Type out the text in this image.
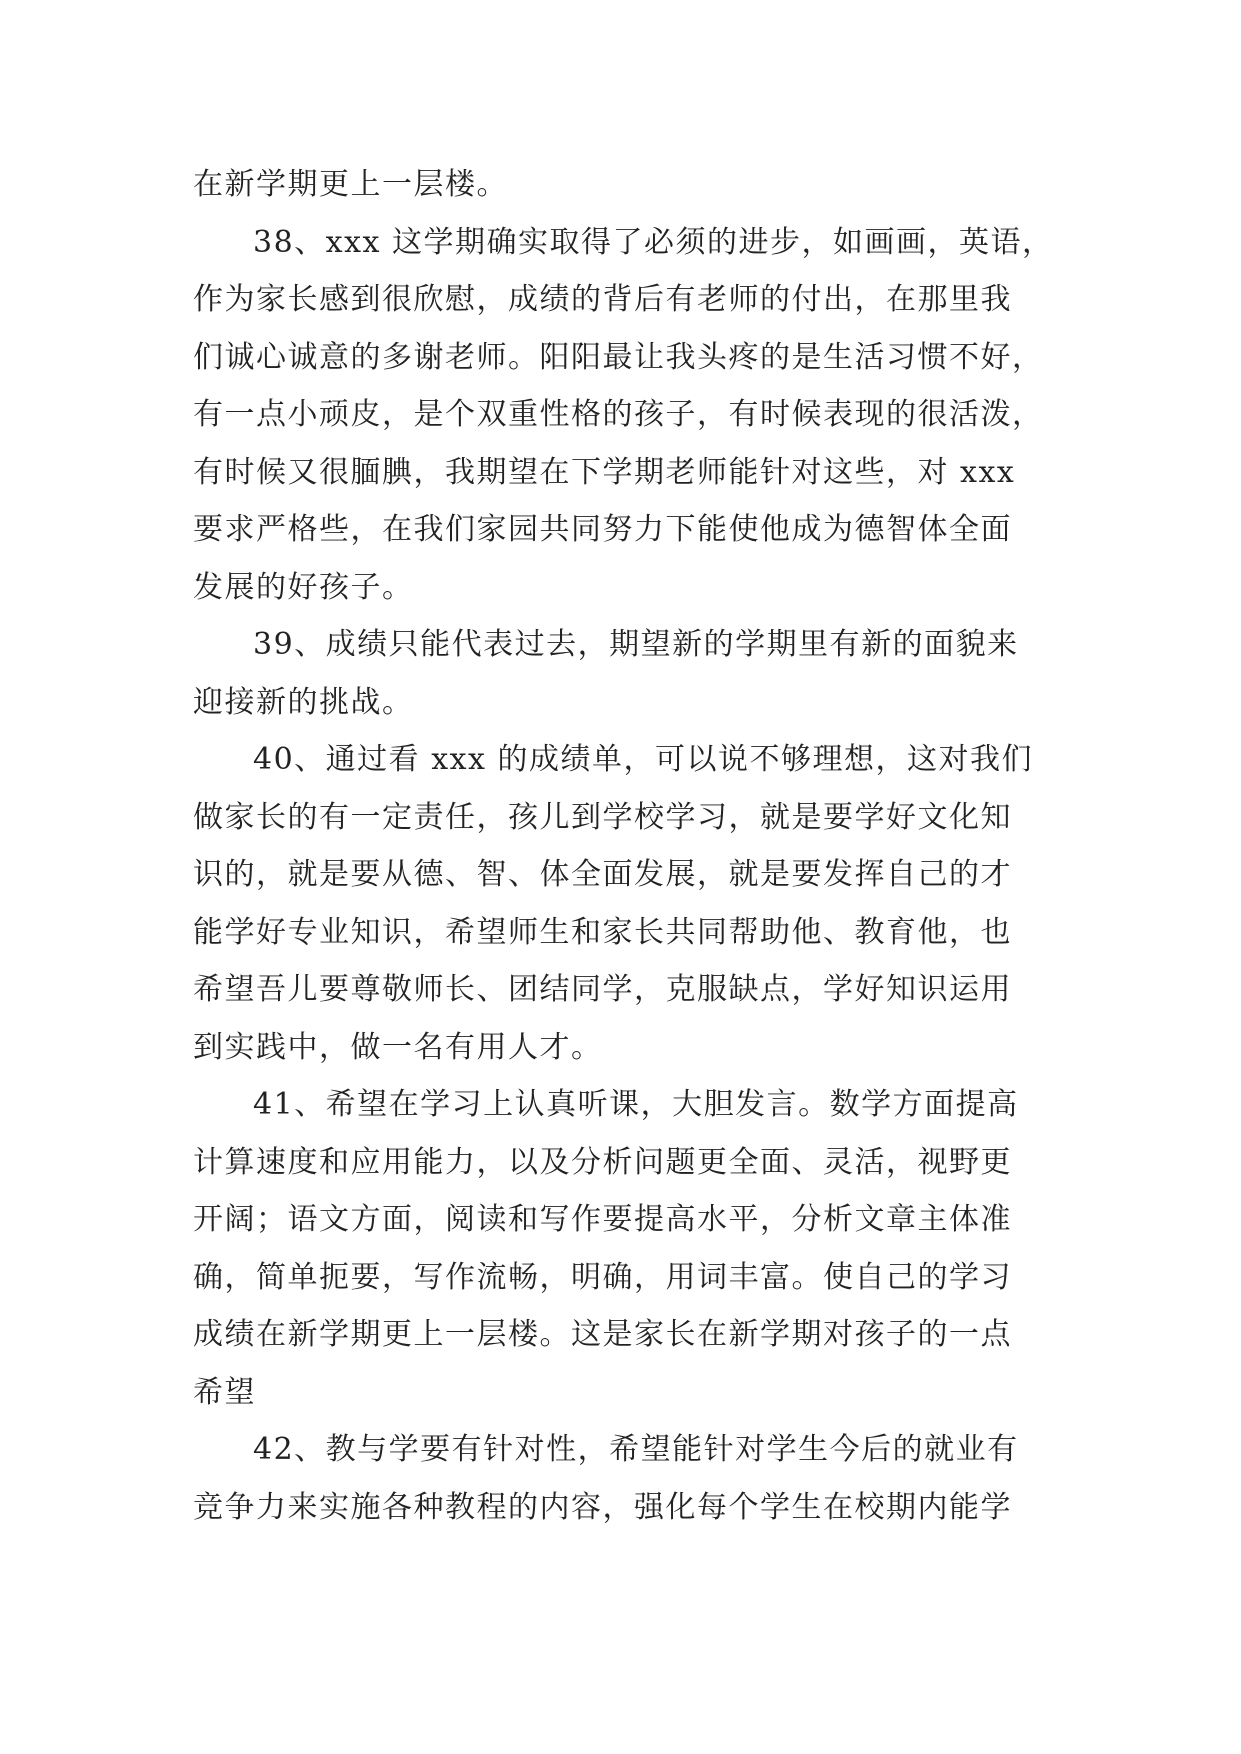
在新学期更上一层楼。
38、xxx 这学期确实取得了必须的进步，如画画，英语，
作为家长感到很欣慰，成绩的背后有老师的付出，在那里我
们诚心诚意的多谢老师。阳阳最让我头疼的是生活习惯不好，
有一点小顽皮，是个双重性格的孩子，有时候表现的很活泼，
有时候又很腼腆，我期望在下学期老师能针对这些，对 xxx
要求严格些，在我们家园共同努力下能使他成为德智体全面
发展的好孩子。
39、成绩只能代表过去，期望新的学期里有新的面貌来
迎接新的挑战。
40、通过看 xxx 的成绩单，可以说不够理想，这对我们
做家长的有一定责任，孩儿到学校学习，就是要学好文化知
识的，就是要从德、智、体全面发展，就是要发挥自己的才
能学好专业知识，希望师生和家长共同帮助他、教育他，也
希望吾儿要尊敬师长、团结同学，克服缺点，学好知识运用
到实践中，做一名有用人才。
41、希望在学习上认真听课，大胆发言。数学方面提高
计算速度和应用能力，以及分析问题更全面、灵活，视野更
开阔；语文方面，阅读和写作要提高水平，分析文章主体准
确，简单扼要，写作流畅，明确，用词丰富。使自己的学习
成绩在新学期更上一层楼。这是家长在新学期对孩子的一点
希望
42、教与学要有针对性，希望能针对学生今后的就业有
竞争力来实施各种教程的内容，强化每个学生在校期内能学
